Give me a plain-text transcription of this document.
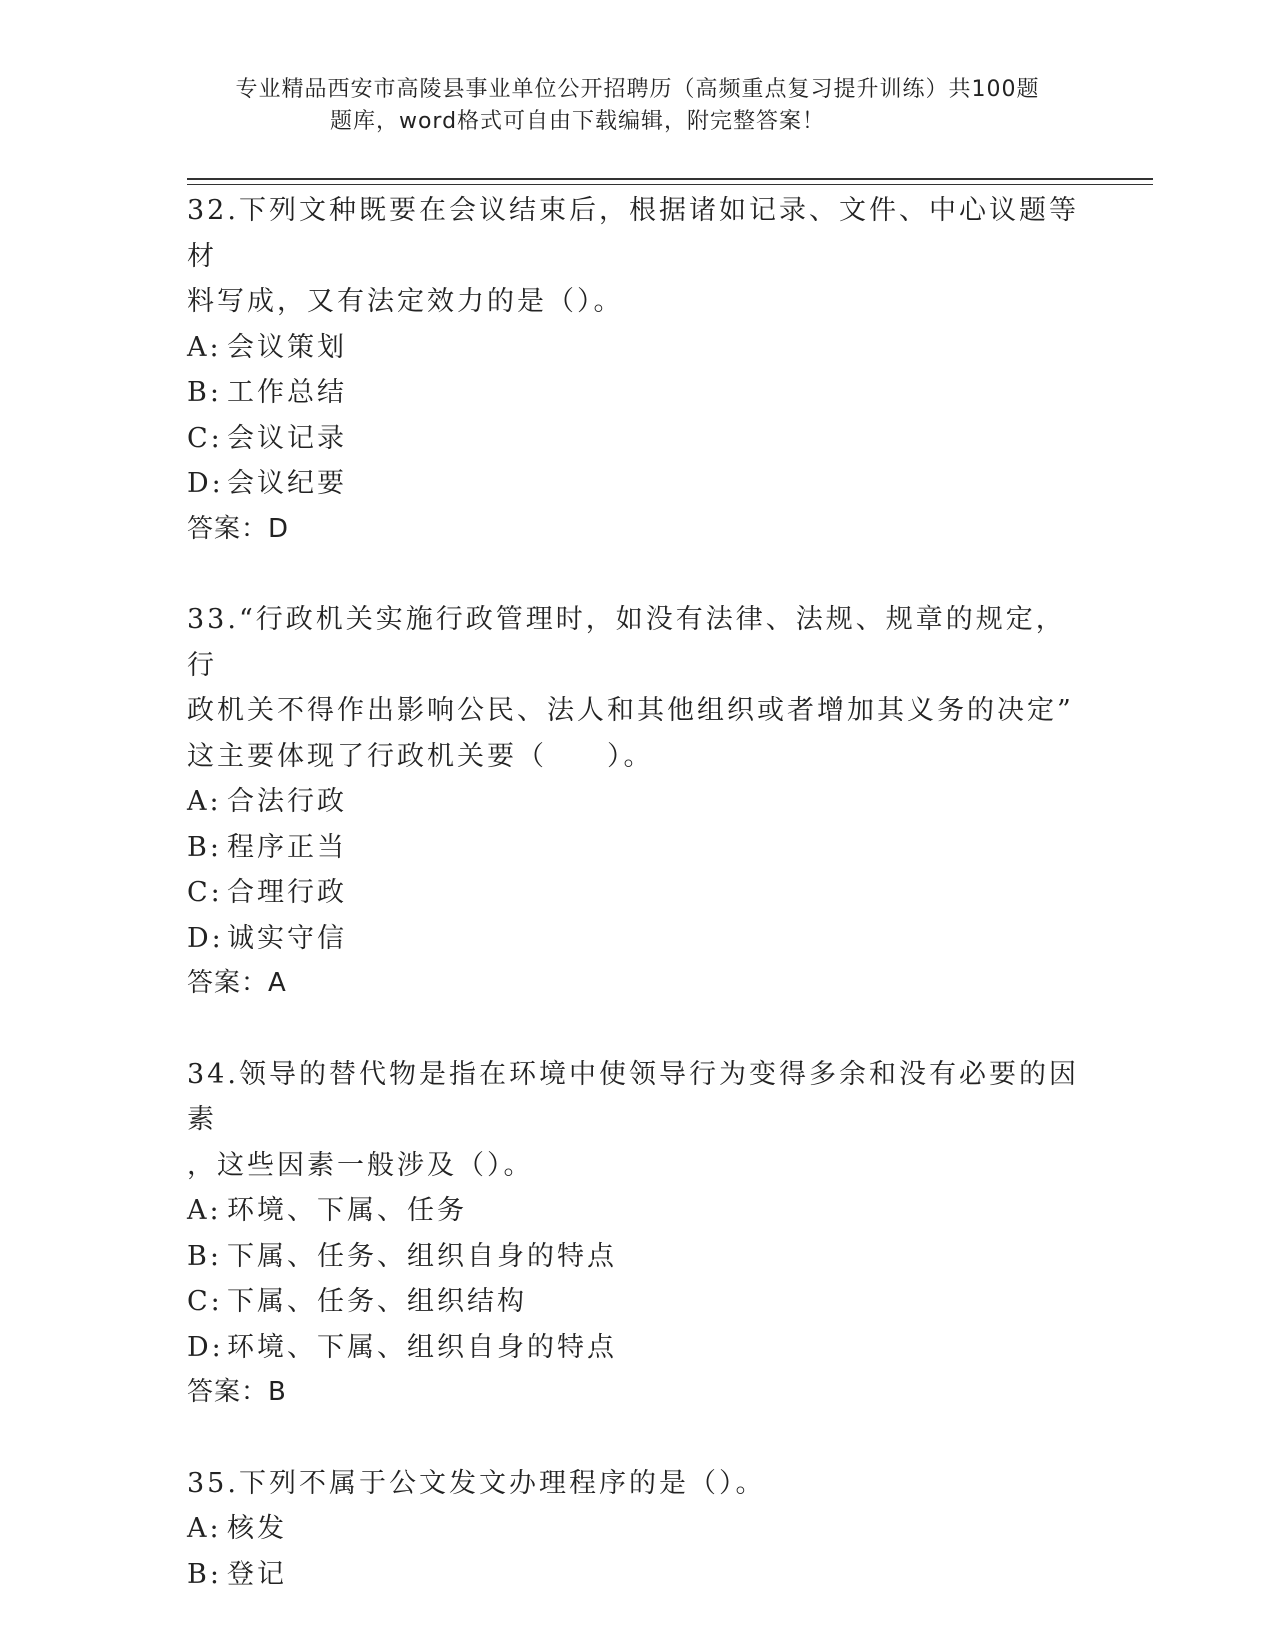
专业精品西安市高陵县事业单位公开招聘历（高频重点复习提升训练）共100题
题库，word格式可自由下载编辑，附完整答案！

32.下列文种既要在会议结束后，根据诸如记录、文件、中心议题等材

料写成，又有法定效力的是（）。

A: 会议策划
B: 工作总结
C: 会议记录
D: 会议纪要

答案：D

33.“行政机关实施行政管理时，如没有法律、法规、规章的规定，行

政机关不得作出影响公民、法人和其他组织或者增加其义务的决定”

这主要体现了行政机关要（　　）。

A: 合法行政
B: 程序正当
C: 合理行政
D: 诚实守信

答案：A

34.领导的替代物是指在环境中使领导行为变得多余和没有必要的因素

，这些因素一般涉及（）。

A: 环境、下属、任务
B: 下属、任务、组织自身的特点
C: 下属、任务、组织结构
D: 环境、下属、组织自身的特点

答案：B

35.下列不属于公文发文办理程序的是（）。

A: 核发
B: 登记
